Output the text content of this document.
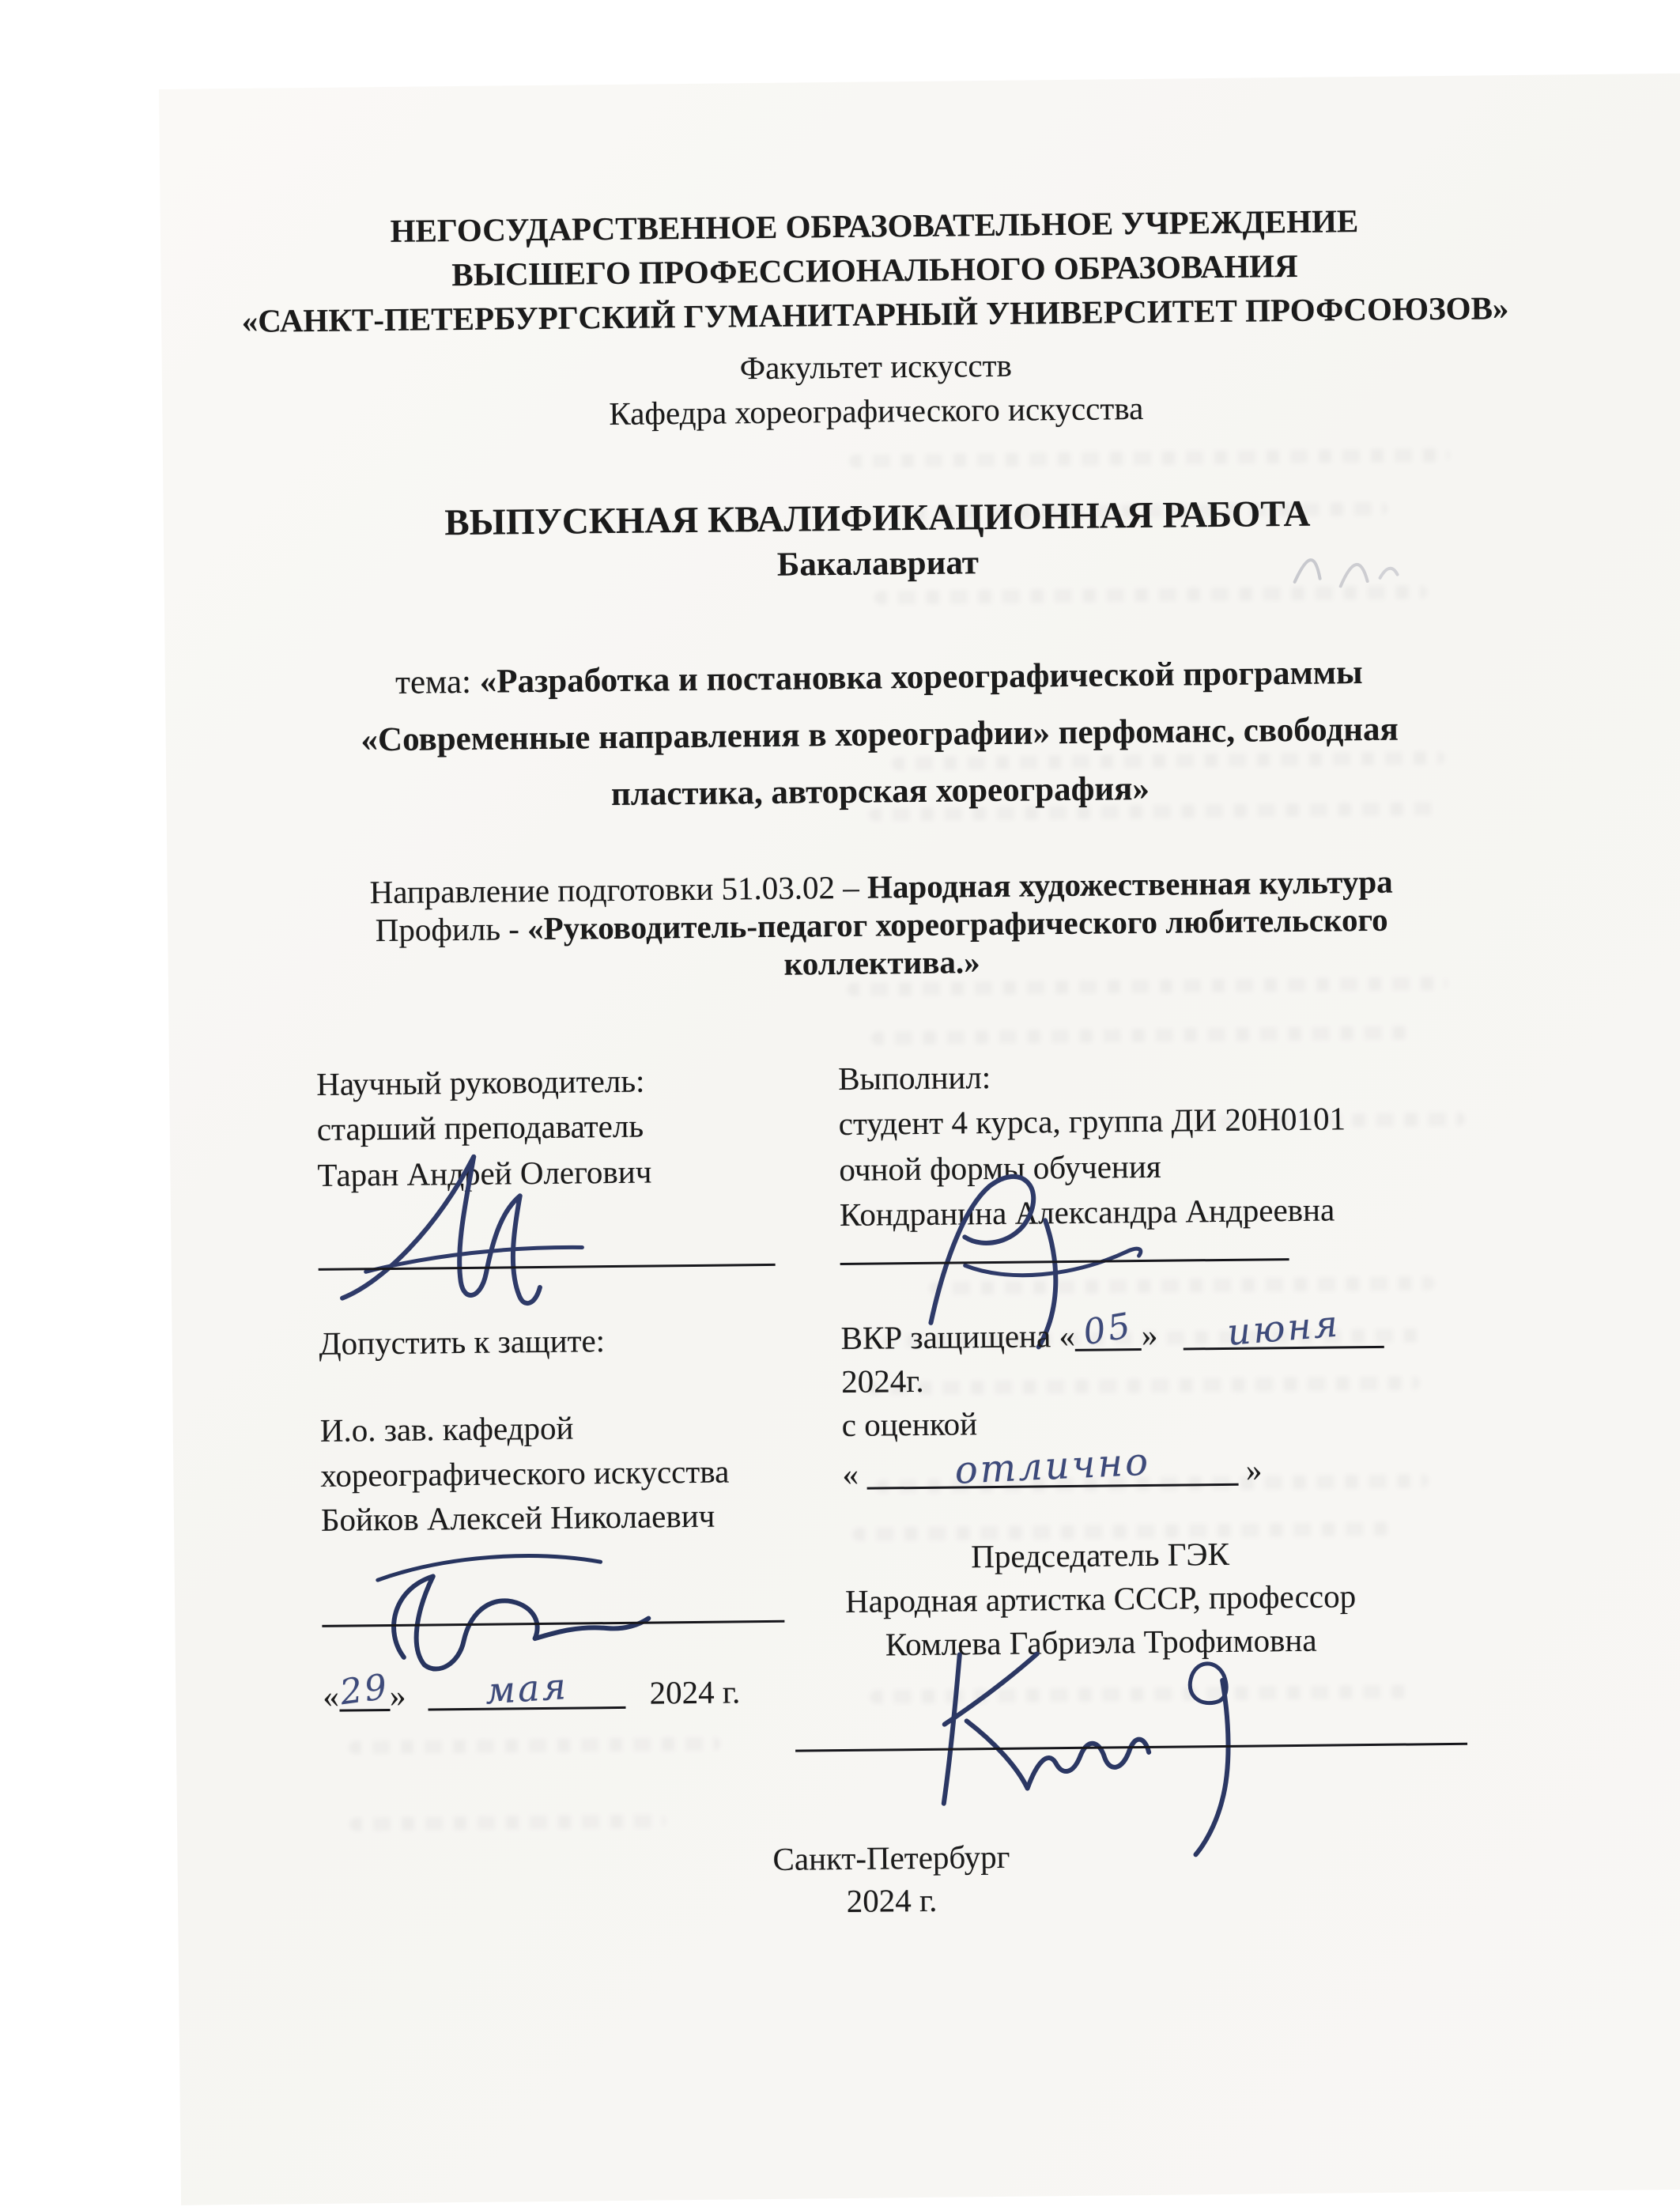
НЕГОСУДАРСТВЕННОЕ ОБРАЗОВАТЕЛЬНОЕ УЧРЕЖДЕНИЕ
ВЫСШЕГО ПРОФЕССИОНАЛЬНОГО ОБРАЗОВАНИЯ
«САНКТ-ПЕТЕРБУРГСКИЙ ГУМАНИТАРНЫЙ УНИВЕРСИТЕТ ПРОФСОЮЗОВ»
Факультет искусств
Кафедра хореографического искусства
ВЫПУСКНАЯ КВАЛИФИКАЦИОННАЯ РАБОТА
Бакалавриат
тема: «Разработка и постановка хореографической программы
«Современные направления в хореографии» перфоманс, свободная
пластика, авторская хореография»
Направление подготовки 51.03.02 – Народная художественная культура
Профиль - «Руководитель-педагог хореографического любительского
коллектива.»
Научный руководитель:
старший преподаватель
Таран Андрей Олегович
Выполнил:
студент 4 курса, группа ДИ 20Н0101
очной формы обучения
Кондранина Александра Андреевна
Допустить к защите:
И.о. зав. кафедрой
хореографического искусства
Бойков Алексей Николаевич
ВКР защищена « 05 » июня
2024г.
с оценкой
« отлично	»
Председатель ГЭК
Народная артистка СССР, профессор
Комлева Габриэла Трофимовна
«
29
» мая 2024 г.
Санкт-Петербург
2024 г.
